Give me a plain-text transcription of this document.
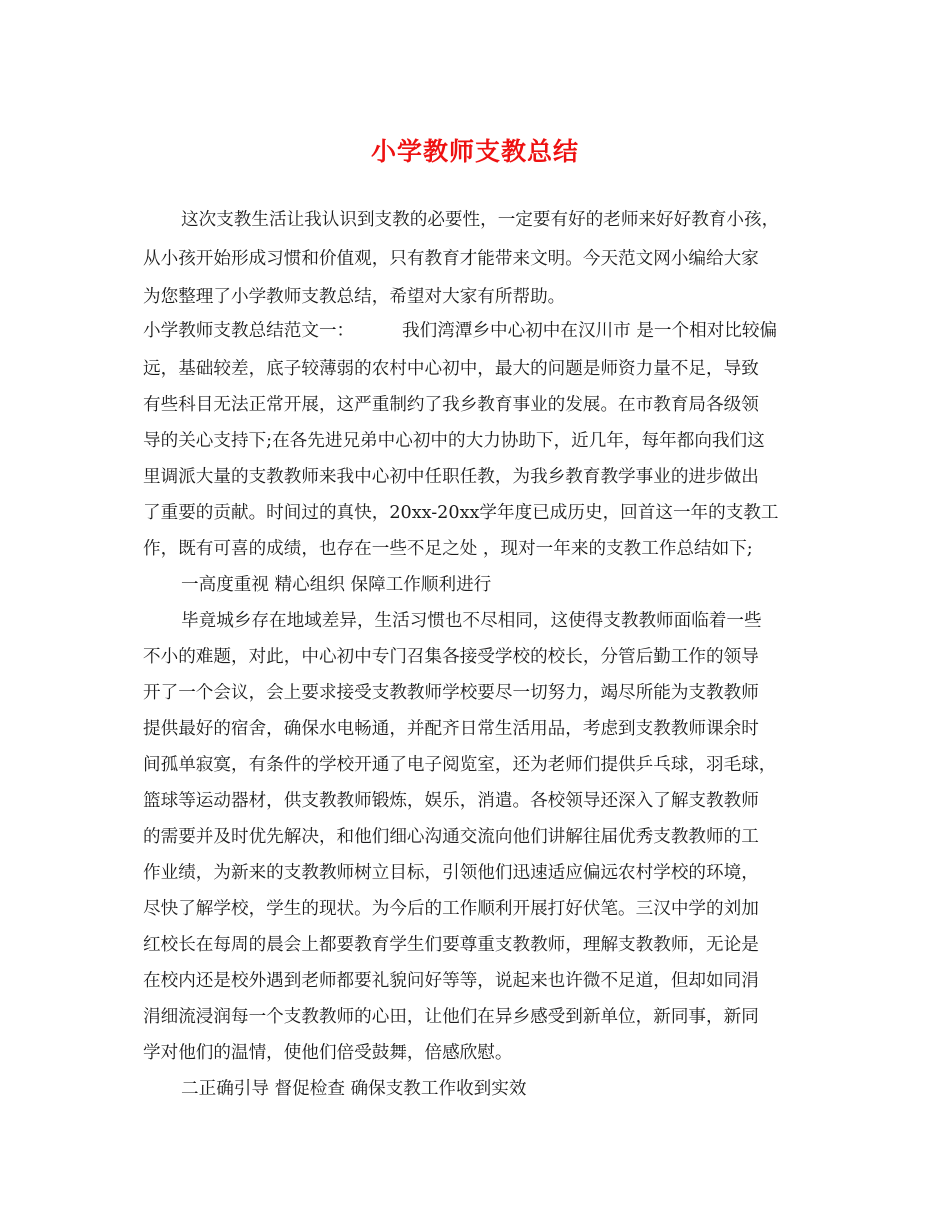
小学教师支教总结
这次支教生活让我认识到支教的必要性，一定要有好的老师来好好教育小孩，
从小孩开始形成习惯和价值观，只有教育才能带来文明。今天范文网小编给大家
为您整理了小学教师支教总结，希望对大家有所帮助。
小学教师支教总结范文一：	我们湾潭乡中心初中在汉川市 是一个相对比较偏
远，基础较差，底子较薄弱的农村中心初中，最大的问题是师资力量不足，导致
有些科目无法正常开展，这严重制约了我乡教育事业的发展。在市教育局各级领
导的关心支持下;在各先进兄弟中心初中的大力协助下，近几年，每年都向我们这
里调派大量的支教教师来我中心初中任职任教，为我乡教育教学事业的进步做出
了重要的贡献。时间过的真快，20xx-20xx学年度已成历史，回首这一年的支教工
作，既有可喜的成绩，也存在一些不足之处 ，现对一年来的支教工作总结如下;
一高度重视 精心组织 保障工作顺利进行
毕竟城乡存在地域差异，生活习惯也不尽相同，这使得支教教师面临着一些
不小的难题，对此，中心初中专门召集各接受学校的校长，分管后勤工作的领导
开了一个会议，会上要求接受支教教师学校要尽一切努力，竭尽所能为支教教师
提供最好的宿舍，确保水电畅通，并配齐日常生活用品，考虑到支教教师课余时
间孤单寂寞，有条件的学校开通了电子阅览室，还为老师们提供乒乓球，羽毛球，
篮球等运动器材，供支教教师锻炼，娱乐，消遣。各校领导还深入了解支教教师
的需要并及时优先解决，和他们细心沟通交流向他们讲解往届优秀支教教师的工
作业绩，为新来的支教教师树立目标，引领他们迅速适应偏远农村学校的环境，
尽快了解学校，学生的现状。为今后的工作顺利开展打好伏笔。三汉中学的刘加
红校长在每周的晨会上都要教育学生们要尊重支教教师，理解支教教师，无论是
在校内还是校外遇到老师都要礼貌问好等等，说起来也许微不足道，但却如同涓
涓细流浸润每一个支教教师的心田，让他们在异乡感受到新单位，新同事，新同
学对他们的温情，使他们倍受鼓舞，倍感欣慰。
二正确引导 督促检查 确保支教工作收到实效
